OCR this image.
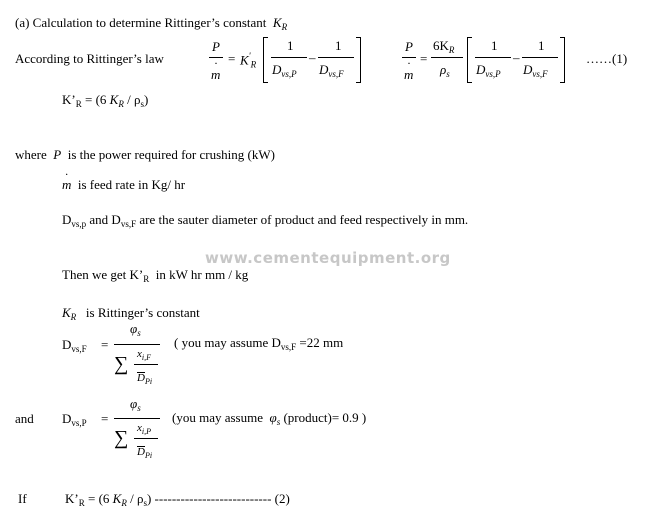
(a) Calculation to determine Rittinger’s constant $K_R$
According to Rittinger’s law
P
·
m
= $K'_R$
1
$D_{vs,P}$
–
1
$D_{vs,F}$
P
·
m
=
$6K_R$
$\rho_s$
1
$D_{vs,P}$
–
1
$D_{vs,F}$
……(1)
$K’_R = (6$ $K_R / \rho_s$)
where P is the power required for crushing (kW)
·
m is feed rate in Kg/ hr
$D_{vs,p}$ and $D_{vs,F}$ are the sauter diameter of product and feed respectively in mm.
www.cementequipment.org
Then we get $K’_R$ in kW hr mm / kg
$K_R$ is Rittinger’s constant
$D_{vs,F}$ =
$\varphi_s$
∑ $x_{i,F}$
$D_{Pi}$
( you may assume $D_{vs,F} =22$ mm
and $D_{vs,P}$ =
$\varphi_s$
∑ $x_{i,P}$
$D_{Pi}$
(you may assume $\varphi_s$ (product)= 0.9 )
If	$K’_R = (6$ $K_R / \rho_s$) --------------------------- (2)
